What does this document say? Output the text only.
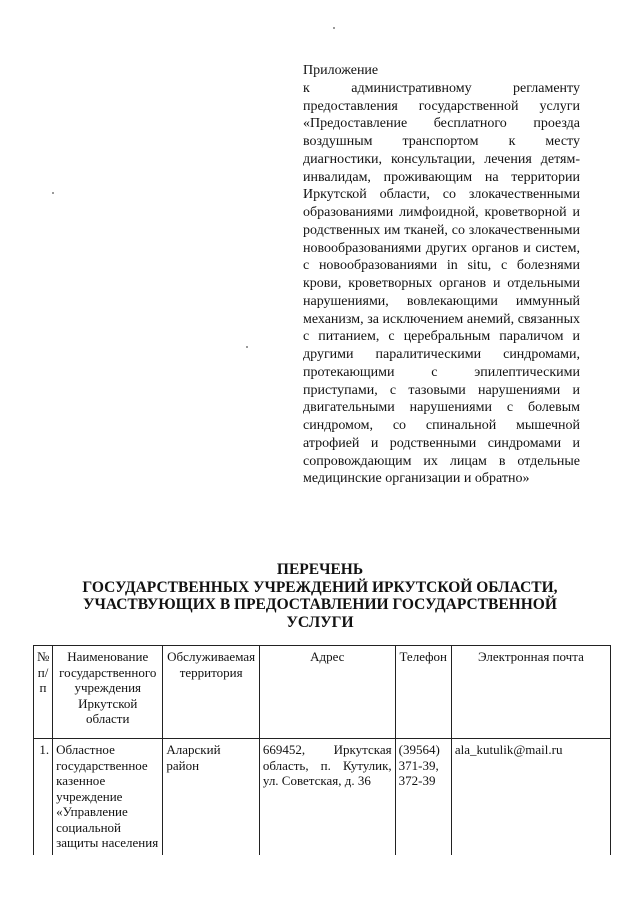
Приложение
к административному регламенту предоставления государственной услуги «Предоставление бесплатного проезда воздушным транспортом к месту диагностики, консультации, лечения детям-инвалидам, проживающим на территории Иркутской области, со злокачественными образованиями лимфоидной, кроветворной и родственных им тканей, со злокачественными новообразованиями других органов и систем, с новообразованиями in situ, с болезнями крови, кроветворных органов и отдельными нарушениями, вовлекающими иммунный механизм, за исключением анемий, связанных с питанием, с церебральным параличом и другими паралитическими синдромами, протекающими с эпилептическими приступами, с тазовыми нарушениями и двигательными нарушениями с болевым синдромом, со спинальной мышечной атрофией и родственными синдромами и сопровождающим их лицам в отдельные медицинские организации и обратно»
ПЕРЕЧЕНЬ
ГОСУДАРСТВЕННЫХ УЧРЕЖДЕНИЙ ИРКУТСКОЙ ОБЛАСТИ,
УЧАСТВУЮЩИХ В ПРЕДОСТАВЛЕНИИ ГОСУДАРСТВЕННОЙ
УСЛУГИ
№ п/п	Наименование государственного учреждения Иркутской области	Обслуживаемая территория	Адрес	Телефон	Электронная почта
1.	Областное государственное казенное учреждение «Управление социальной защиты населения	Аларский район	669452, Иркутская область, п. Кутулик, ул. Советская, д. 36	(39564) 371-39, 372-39	ala_kutulik@mail.ru
